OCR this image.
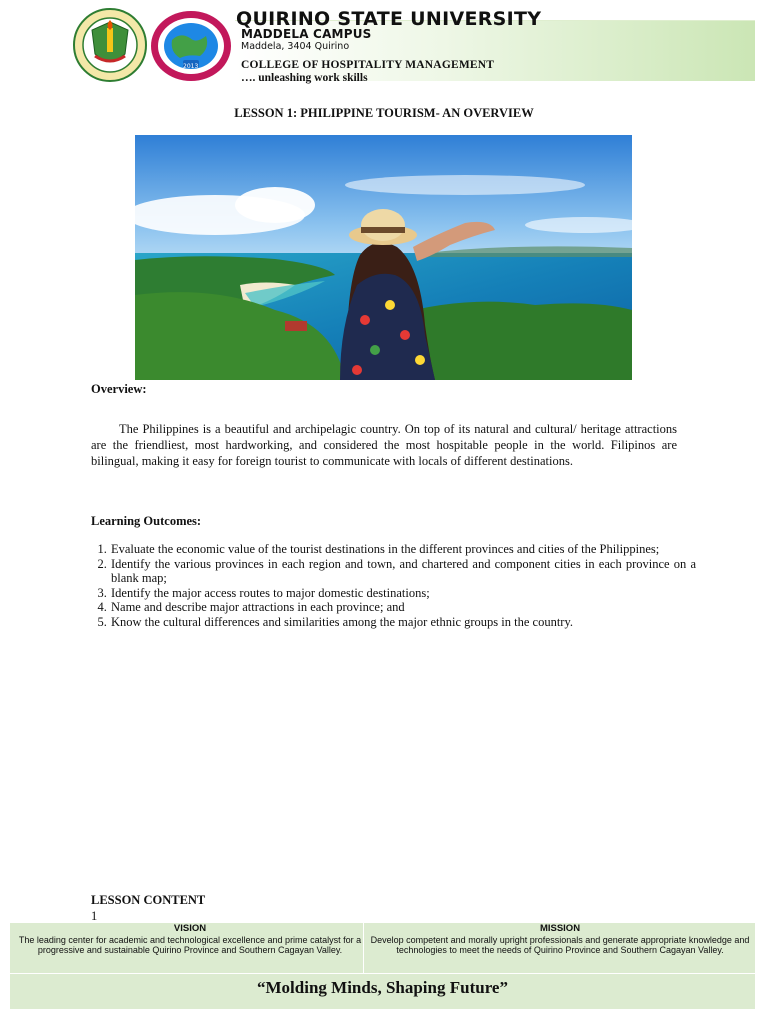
2013
QUIRINO STATE UNIVERSITY
MADDELA CAMPUS
Maddela, 3404 Quirino
COLLEGE OF HOSPITALITY MANAGEMENT
…. unleashing work skills
LESSON 1: PHILIPPINE TOURISM- AN OVERVIEW
Overview:

The Philippines is a beautiful and archipelagic country. On top of its natural and cultural/ heritage attractions are the friendliest, most hardworking, and considered the most hospitable people in the world. Filipinos are bilingual, making it easy for foreign tourist to communicate with locals of different destinations.

Learning Outcomes:
1. Evaluate the economic value of the tourist destinations in the different provinces and cities of the Philippines;
2. Identify the various provinces in each region and town, and chartered and component cities in each province on a blank map;
3. Identify the major access routes to major domestic destinations;
4. Name and describe major attractions in each province; and
5. Know the cultural differences and similarities among the major ethnic groups in the country.
LESSON CONTENT
1
VISION
The leading center for academic and technological excellence and prime catalyst for a progressive and sustainable Quirino Province and Southern Cagayan Valley.
MISSION
Develop competent and morally upright professionals and generate appropriate knowledge and technologies to meet the needs of Quirino Province and Southern Cagayan Valley.
“Molding Minds, Shaping Future”
